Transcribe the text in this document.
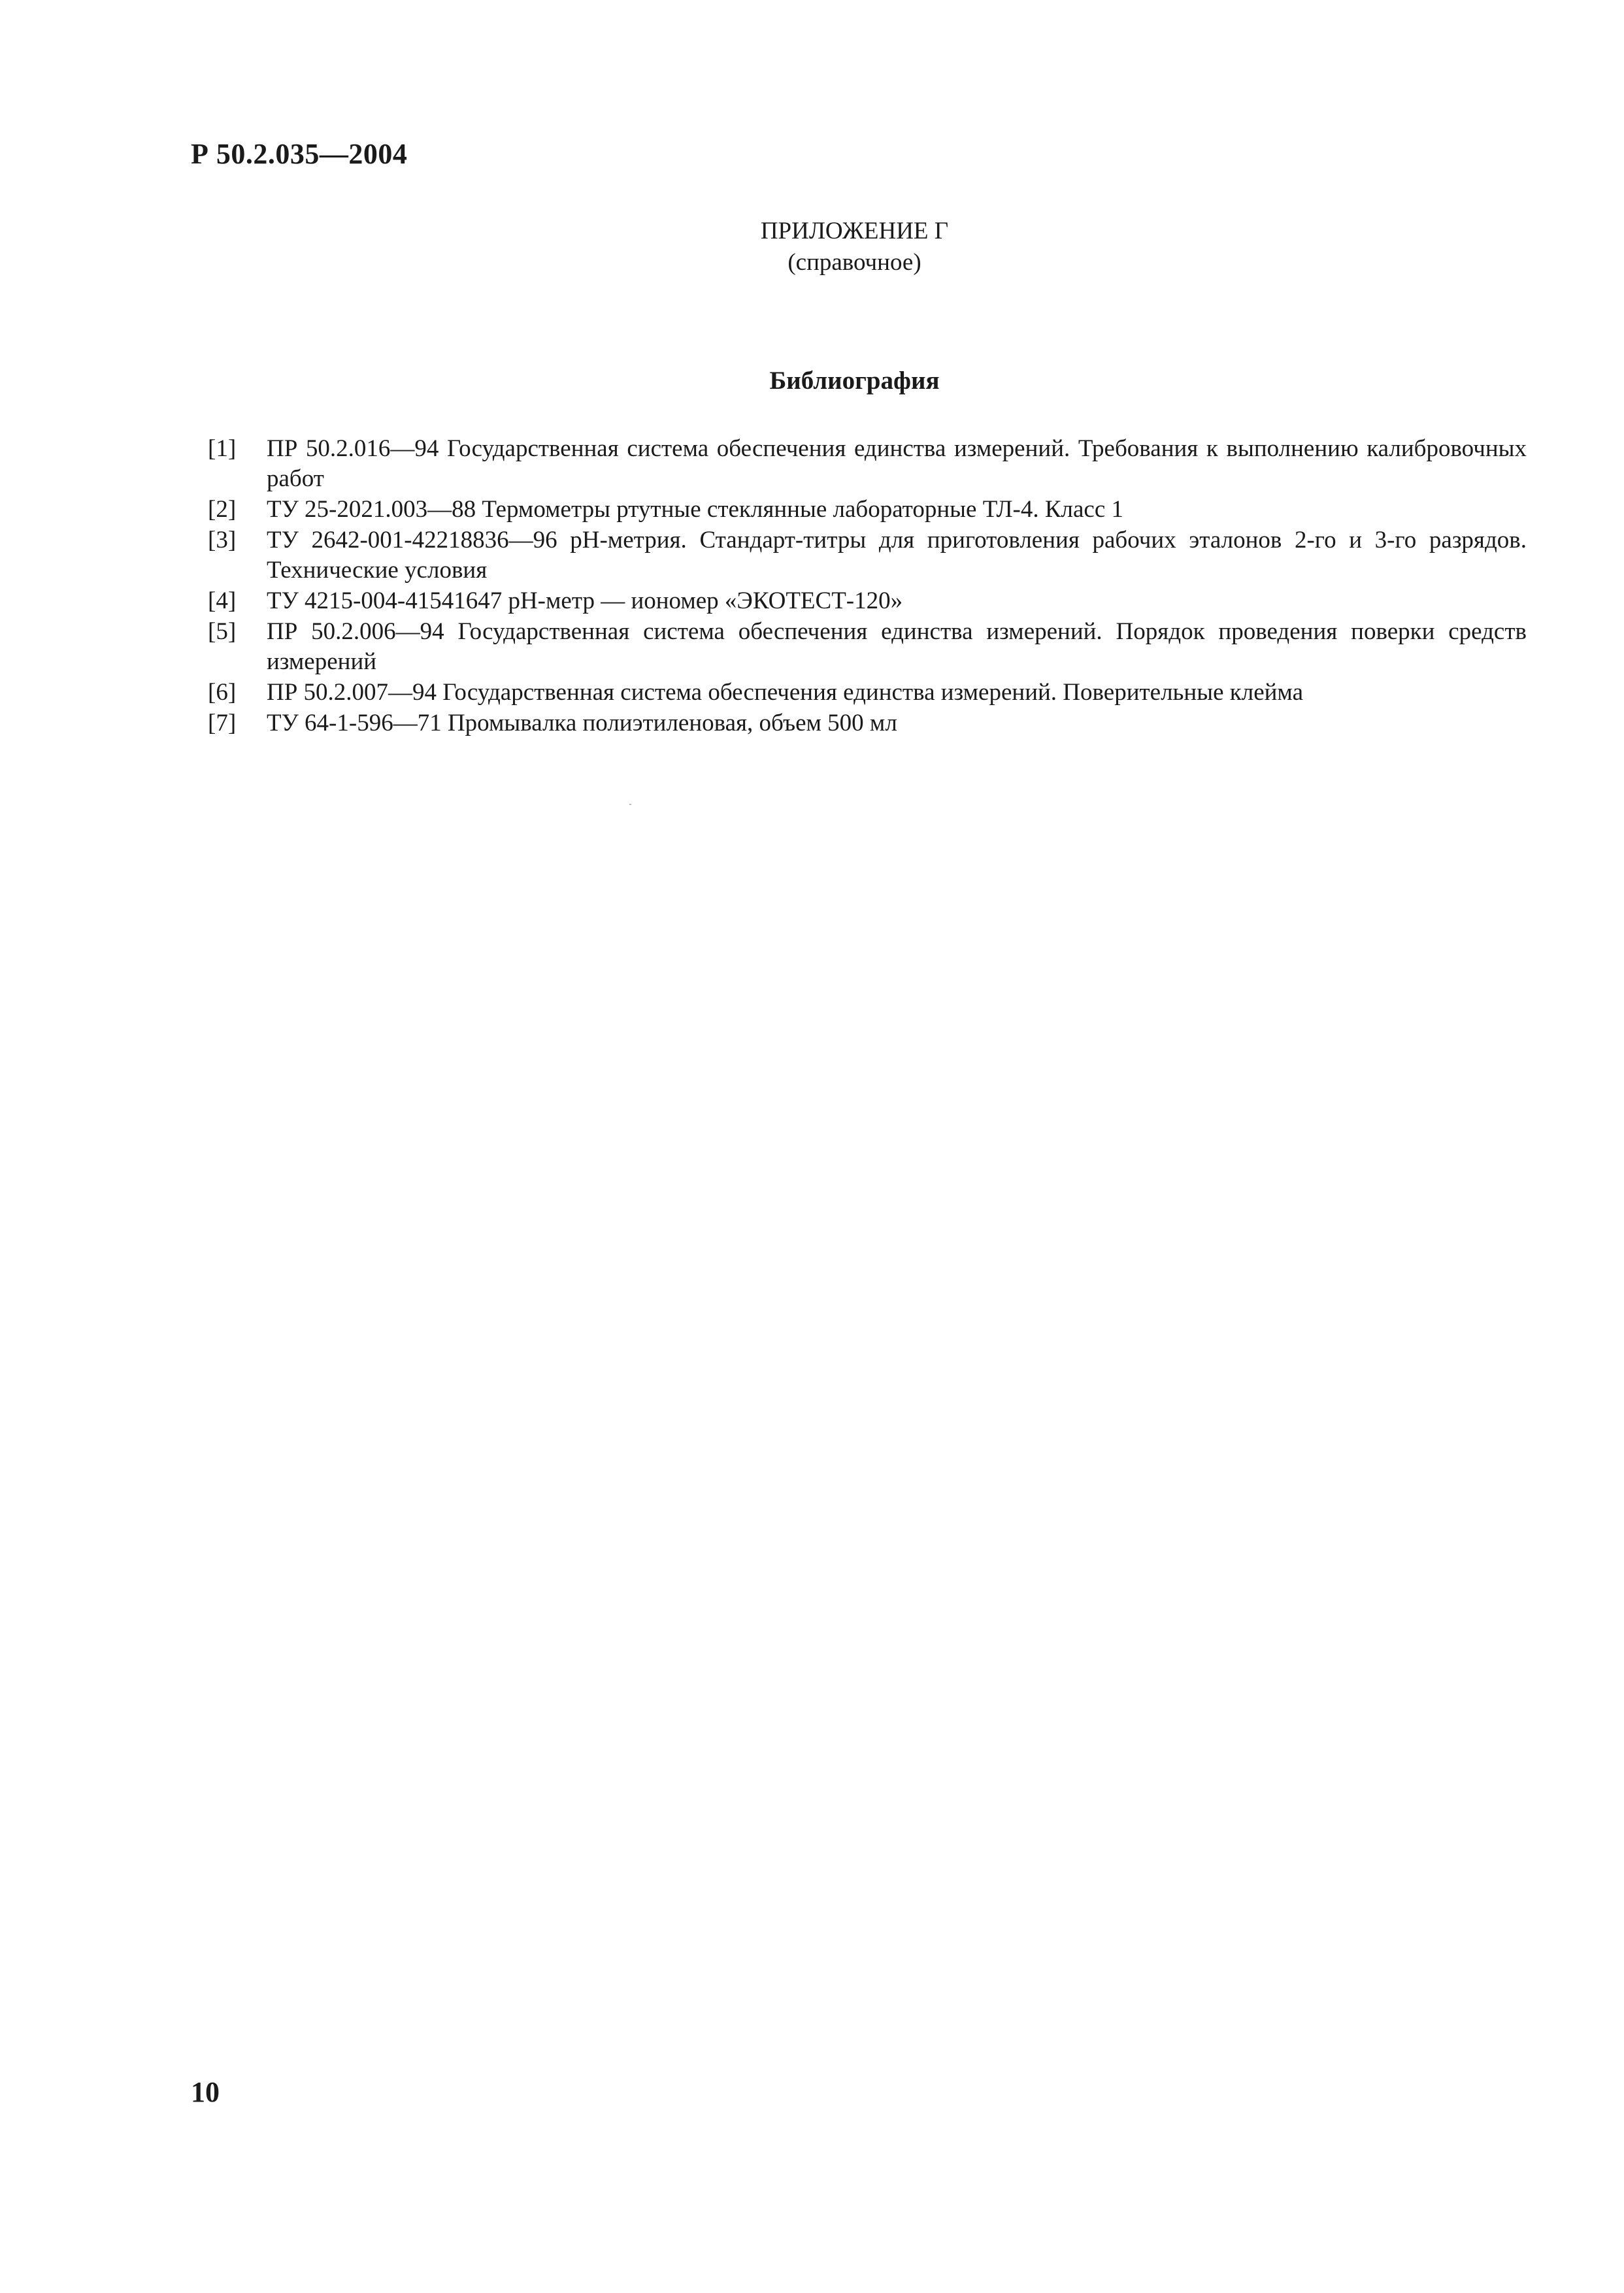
Р 50.2.035—2004
ПРИЛОЖЕНИЕ Г
(справочное)
Библиография
[1]	ПР 50.2.016—94 Государственная система обеспечения единства измерений. Требования к выполнению калибровочных работ
[2]	ТУ 25-2021.003—88 Термометры ртутные стеклянные лабораторные ТЛ-4. Класс 1
[3]	ТУ 2642-001-42218836—96 рН-метрия. Стандарт-титры для приготовления рабочих эталонов 2-го и 3-го разрядов. Технические условия
[4]	ТУ 4215-004-41541647 рН-метр — иономер «ЭКОТЕСТ-120»
[5]	ПР 50.2.006—94 Государственная система обеспечения единства измерений. Порядок проведения поверки средств измерений
[6]	ПР 50.2.007—94 Государственная система обеспечения единства измерений. Поверительные клейма
[7]	ТУ 64-1-596—71 Промывалка полиэтиленовая, объем 500 мл
10
